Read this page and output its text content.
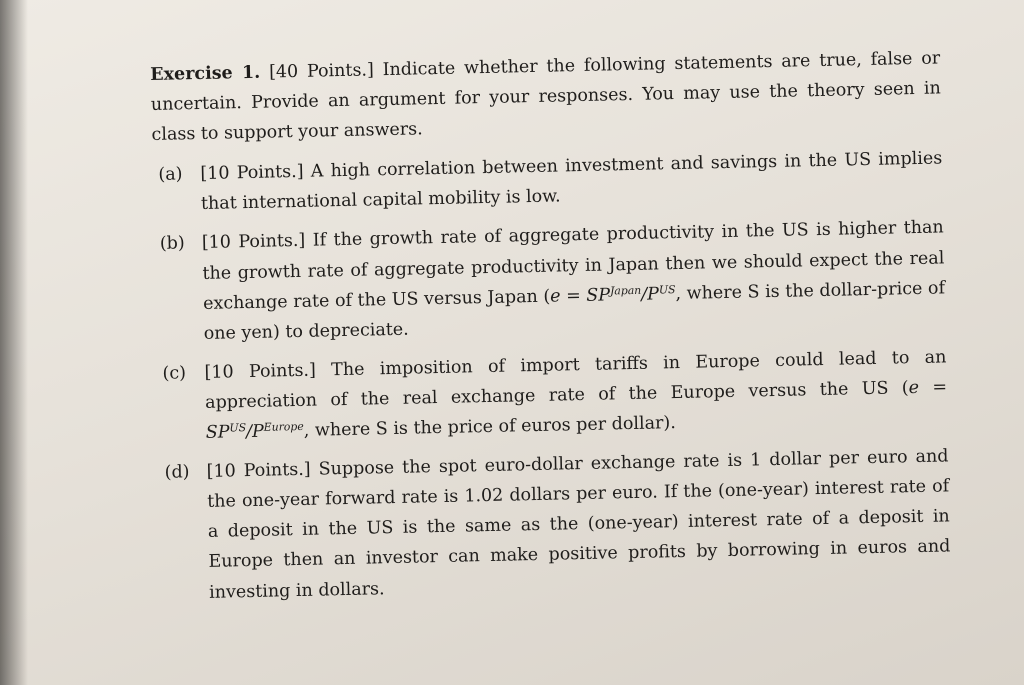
Exercise 1. [40 Points.] Indicate whether the following statements are true, false or uncertain. Provide an argument for your responses. You may use the theory seen in class to support your answers.

(a) [10 Points.] A high correlation between investment and savings in the US implies that international capital mobility is low.
(b) [10 Points.] If the growth rate of aggregate productivity in the US is higher than the growth rate of aggregate productivity in Japan then we should expect the real exchange rate of the US versus Japan ($e = SP^{Japan}/P^{US}$, where S is the dollar-price of one yen) to depreciate.
(c)	[10 Points.] The imposition of import tariffs in Europe could lead to an appreciation of the real exchange rate of the Europe versus the US ($e = SP^{US}/P^{Europe}$, where S is the price of euros per dollar).
(d) [10 Points.] Suppose the spot euro-dollar exchange rate is 1 dollar per euro and the one-year forward rate is 1.02 dollars per euro. If the (one-year) interest rate of a deposit in the US is the same as the (one-year) interest rate of a deposit in Europe then an investor can make positive profits by borrowing in euros and investing in dollars.
